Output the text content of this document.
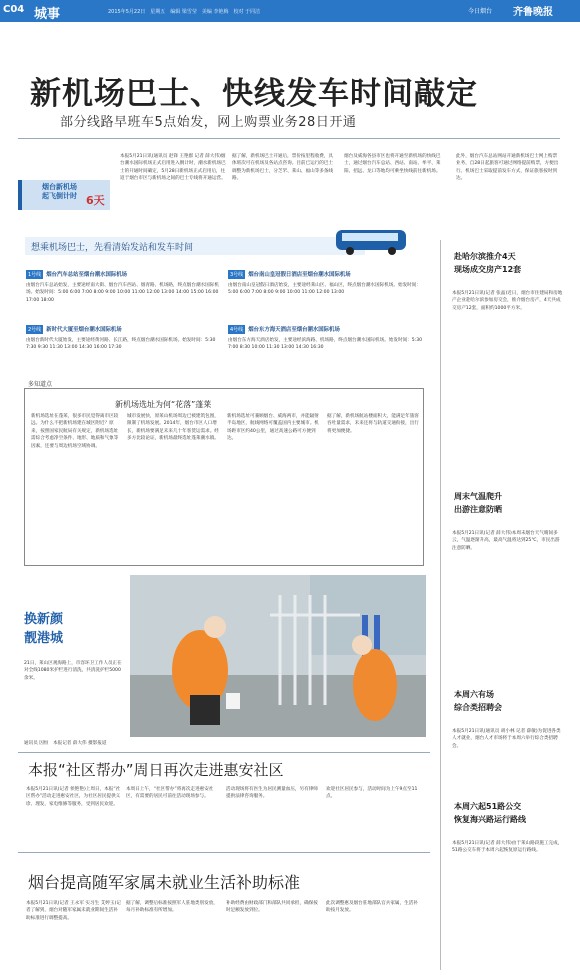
C04 城事	2015年5月22日　星期五　编辑 梁雪莹　美编 李艳梅　校对 于同洁	今日烟台 齐鲁晚报
新机场巴士、快线发车时间敲定
部分线路早班车5点始发，网上购票业务28日开通
烟台新机场
起飞倒计时 6天
本报5月21日讯(通讯员 赵锋 王艳群 记者 薛大伟)烟台潮水国际机场正式启用进入倒计时，潮水新机场巴士的开通时间确定，5月28日新机场正式启用后，往返于烟台市区与新机场之间的巴士专线将开通运营。
据了解，新机场巴士开通后，票价按里程收费，具体班次可在机场及各站点咨询。目前已运行的巴士调整为新机场巴士，分芝罘、莱山、福山等多条线路。
烟台及威海各县市区也将开通至新机场的快线巴士，通过烟台汽车总站、西站、南站、牟平、莱阳、招远、龙口等地均可乘坐快线前往新机场。
此外，烟台汽车总站网站开通新机场巴士网上购票业务，自28日起旅客可通过网络提前购票，方便出行。机场巴士采取提前发车方式，保证旅客按时到达。
想乘机场巴士，先看清始发站和发车时间
1号线 烟台汽车总站至烟台潮水国际机场
由烟台汽车总站始发，主要途经南大街、烟台汽车西站、烟青路、机场路，终点烟台潮水国际机场。始发时间：5:00 6:00 7:00 8:00 9:00 10:00 11:00 12:00 13:00 14:00 15:00 16:00 17:00 18:00
3号线 烟台南山皇冠假日酒店至烟台潮水国际机场
由烟台南山皇冠假日酒店始发，主要途经莱山区、福山区，终点烟台潮水国际机场。始发时间：5:00 6:00 7:00 8:00 9:00 10:00 11:00 12:00 13:00
2号线 新时代大厦至烟台潮水国际机场
由烟台新时代大厦始发，主要途经黄河路、长江路，终点烟台潮水国际机场。始发时间：5:30 7:30 9:30 11:30 13:00 14:30 16:00 17:30
4号线 烟台东方海天酒店至烟台潮水国际机场
由烟台东方海天酒店始发，主要途经滨海路、机场路，终点烟台潮水国际机场。始发时间：5:30 7:00 8:30 10:00 11:30 13:00 14:30 16:30
多知道点
新机场选址为何“花落”蓬莱
新机场选址在蓬莱，很多市民觉得离市区较远。为什么不把新机场建在城区附近？原来，按照国家民航局有关规定，新机场选址需综合考虑净空条件、地形、地质和气象等因素，还要与周边机场空域协调。
城市发展快，原莱山机场周边已被建筑包围，限制了机场发展。2014年，烟台市区人口增长，新机场要满足未来几十年客货运需求。经多方比较论证，新机场最终选址蓬莱潮水镇。
新机场选址可兼顾烟台、威海两市，并能辐射半岛地区，航线网络可覆盖国内主要城市。机场距市区约40公里，通过高速公路可方便到达。
据了解，新机场航站楼面积大，能满足年旅客吞吐量需求，未来还将与轨道交通衔接，出行将更加便捷。
换新颜
靓港城
21日，莱山区观海路上，市容环卫工作人员正在对全线1080米护栏进行清洗，共清洗护栏5000余米。
通讯员 因恒　本报记者 薛大伟 摄影报道
本报“社区帮办”周日再次走进惠安社区
本报5月21日讯(记者 侯艳艳)上周日，本报“社区帮办”活动走进惠安社区，为社区居民提供义诊、理发、家电维修等服务，受到居民欢迎。
本周日上午，“社区帮办”将再次走进惠安社区，有需要的居民可前往活动现场参与。
活动现场将有医生为居民测量血压，另有律师提供法律咨询服务。
欢迎社区居民参与，活动时间为上午9点至11点。
烟台提高随军家属未就业生活补助标准
本报5月21日讯(记者 王永军 实习生 艾婷玉)记者了解到，烟台对随军家属未就业期间生活补助标准进行调整提高。
据了解，调整后标准按照军人驻地类别发放，每月补助标准有所增加。
补助经费由财政部门和部队共同承担，确保按时足额发放到位。
此次调整惠及烟台驻地部队官兵家属，生活补助按月发放。
赴哈尔滨推介4天
现场成交房产12套
本报5月21日讯(记者 张晶)近日，烟台市住建局和房地产企业赴哈尔滨参加房交会，推介烟台房产，4天共成交房产12套，面积约1000平方米。
周末气温爬升
出游注意防晒
本报5月21日讯(记者 薛大伟)本周末烟台天气晴间多云，气温逐渐升高，最高气温将达到25℃，市民出游注意防晒。
本周六有场
综合类招聘会
本报5月21日讯(通讯员 胡小林 记者 薛敏)为促进各类人才就业，烟台人才市场将于本周六举行综合类招聘会。
本周六起51路公交
恢复海兴路运行路线
本报5月21日讯(记者 薛大伟)由于莱山路段施工完成，51路公交车将于本周六起恢复原运行路线。
